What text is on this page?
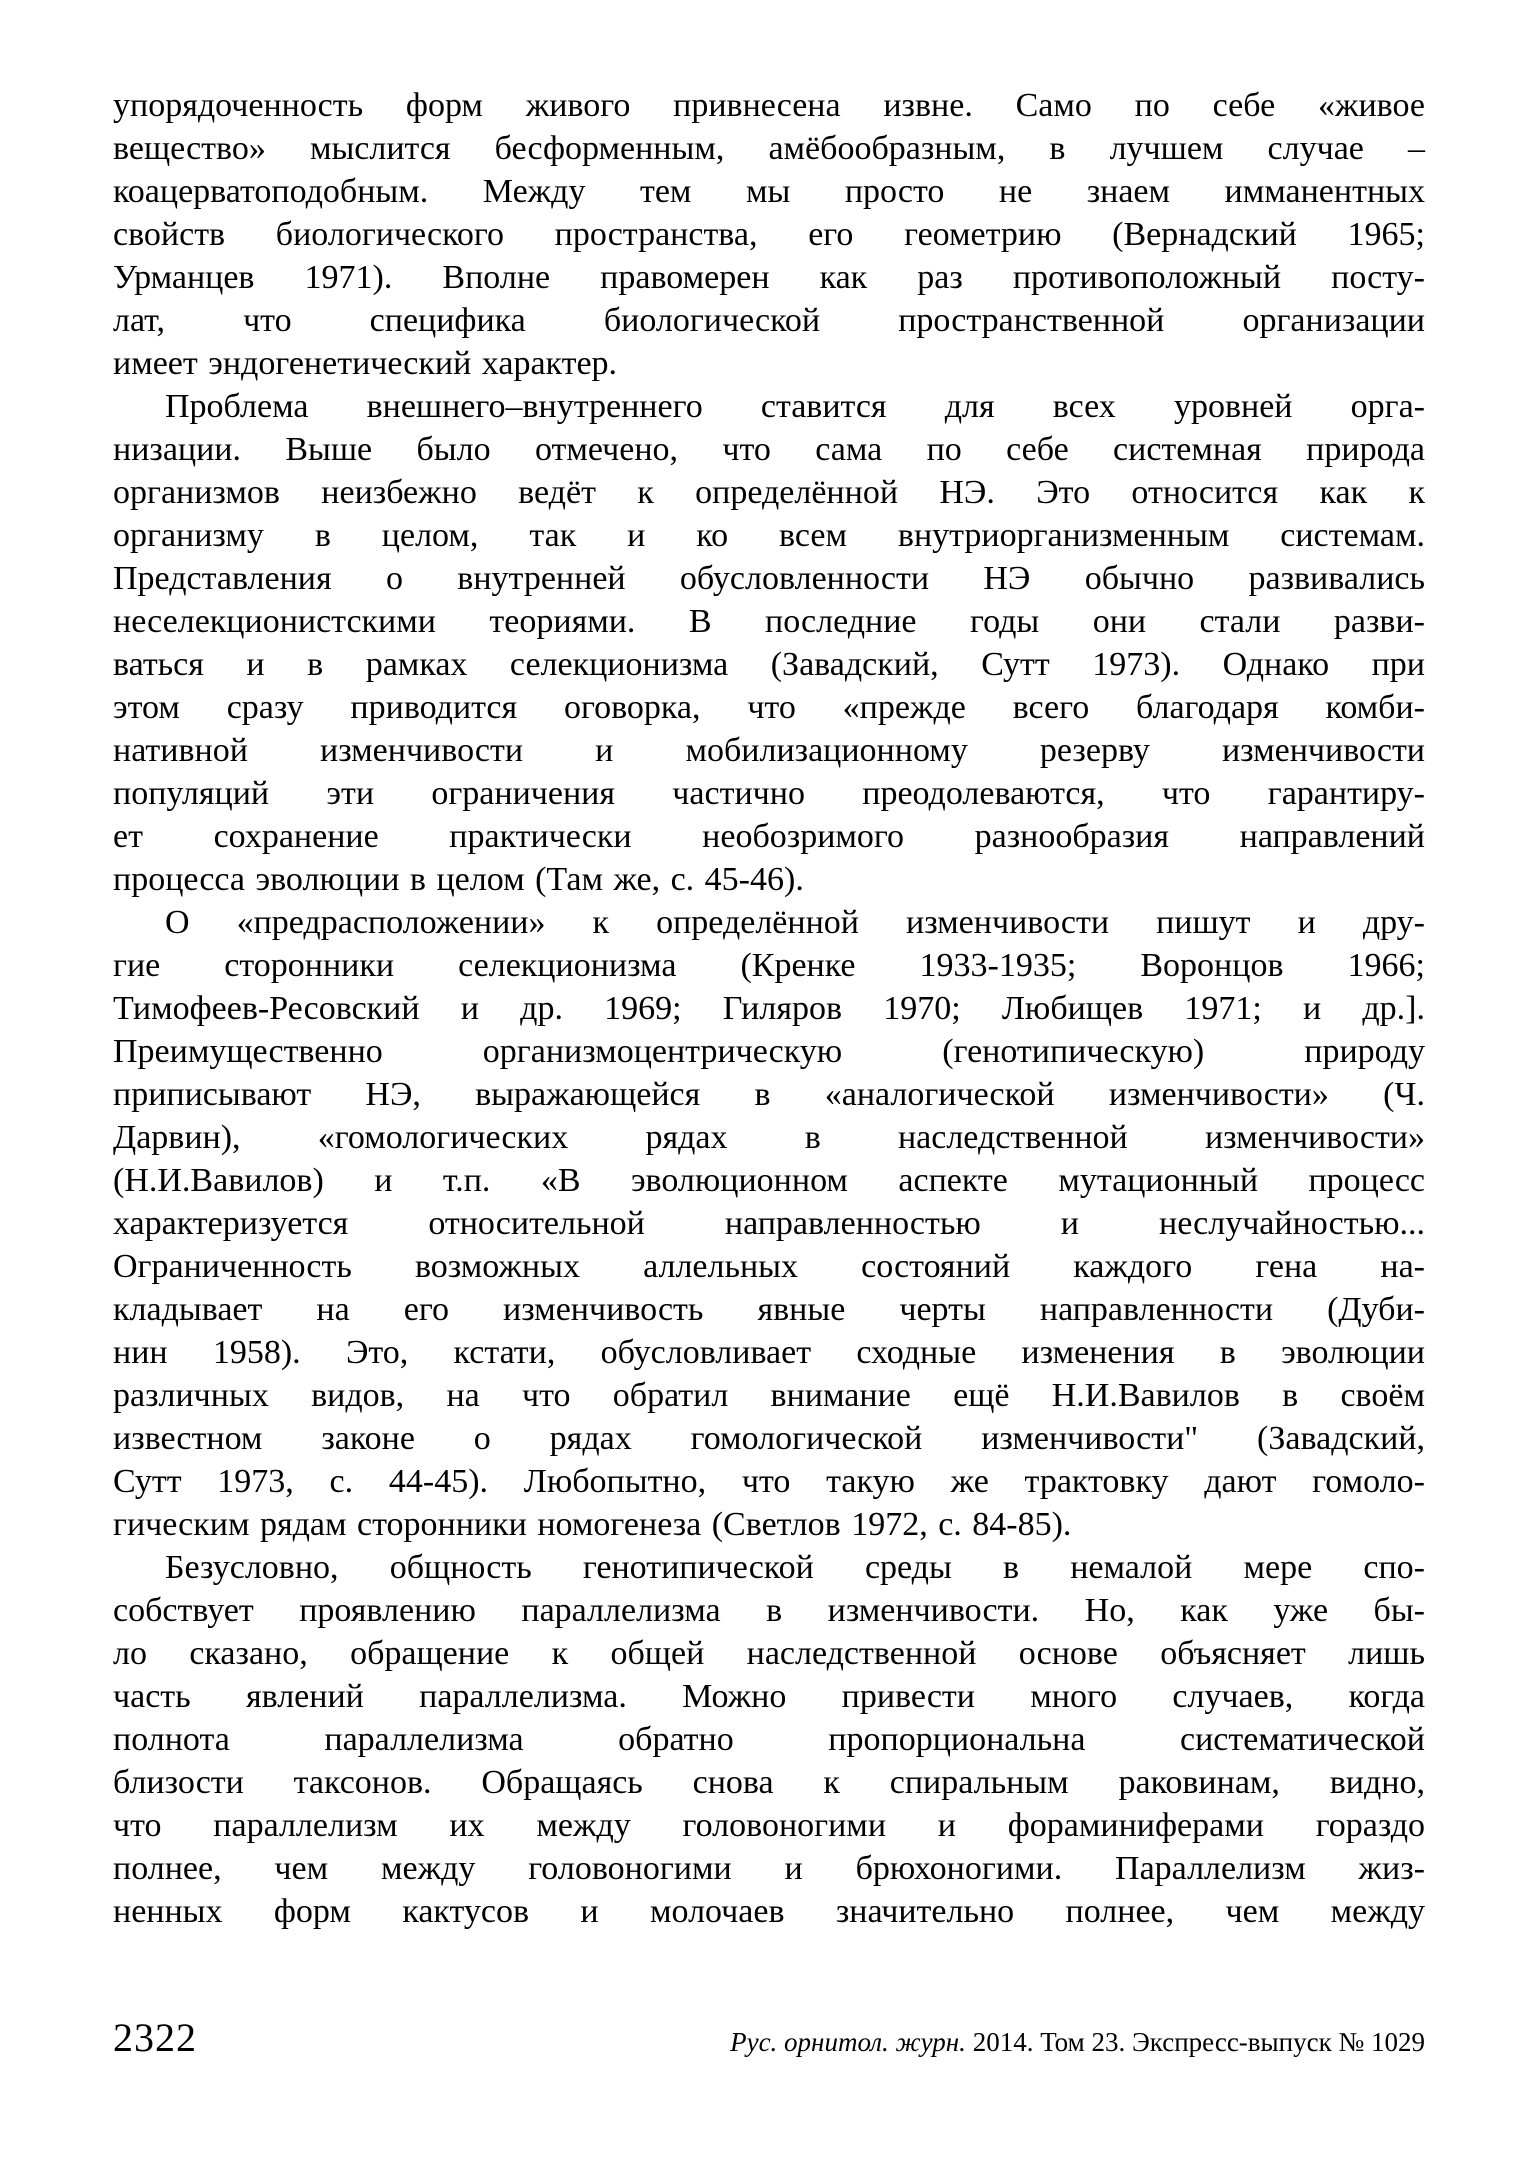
упорядоченность форм живого привнесена извне. Само по себе «живое
вещество» мыслится бесформенным, амёбообразным, в лучшем случае –
коацерватоподобным. Между тем мы просто не знаем имманентных
свойств биологического пространства, его геометрию (Вернадский 1965;
Урманцев 1971). Вполне правомерен как раз противоположный посту-
лат, что специфика биологической пространственной организации
имеет эндогенетический характер.
Проблема внешнего–внутреннего ставится для всех уровней орга-
низации. Выше было отмечено, что сама по себе системная природа
организмов неизбежно ведёт к определённой НЭ. Это относится как к
организму в целом, так и ко всем внутриорганизменным системам.
Представления о внутренней обусловленности НЭ обычно развивались
неселекционистскими теориями. В последние годы они стали разви-
ваться и в рамках селекционизма (Завадский, Сутт 1973). Однако при
этом сразу приводится оговорка, что «прежде всего благодаря комби-
нативной изменчивости и мобилизационному резерву изменчивости
популяций эти ограничения частично преодолеваются, что гарантиру-
ет сохранение практически необозримого разнообразия направлений
процесса эволюции в целом (Там же, с. 45-46).
О «предрасположении» к определённой изменчивости пишут и дру-
гие сторонники селекционизма (Кренке 1933-1935; Воронцов 1966;
Тимофеев-Ресовский и др. 1969; Гиляров 1970; Любищев 1971; и др.].
Преимущественно организмоцентрическую (генотипическую) природу
приписывают НЭ, выражающейся в «аналогической изменчивости» (Ч.
Дарвин), «гомологических рядах в наследственной изменчивости»
(Н.И.Вавилов) и т.п. «В эволюционном аспекте мутационный процесс
характеризуется относительной направленностью и неслучайностью...
Ограниченность возможных аллельных состояний каждого гена на-
кладывает на его изменчивость явные черты направленности (Дуби-
нин 1958). Это, кстати, обусловливает сходные изменения в эволюции
различных видов, на что обратил внимание ещё Н.И.Вавилов в своём
известном законе о рядах гомологической изменчивости" (Завадский,
Сутт 1973, с. 44-45). Любопытно, что такую же трактовку дают гомоло-
гическим рядам сторонники номогенеза (Светлов 1972, с. 84-85).
Безусловно, общность генотипической среды в немалой мере спо-
собствует проявлению параллелизма в изменчивости. Но, как уже бы-
ло сказано, обращение к общей наследственной основе объясняет лишь
часть явлений параллелизма. Можно привести много случаев, когда
полнота параллелизма обратно пропорциональна систематической
близости таксонов. Обращаясь снова к спиральным раковинам, видно,
что параллелизм их между головоногими и фораминиферами гораздо
полнее, чем между головоногими и брюхоногими. Параллелизм жиз-
ненных форм кактусов и молочаев значительно полнее, чем между
2322	Рус. орнитол. журн. 2014. Том 23. Экспресс-выпуск № 1029
